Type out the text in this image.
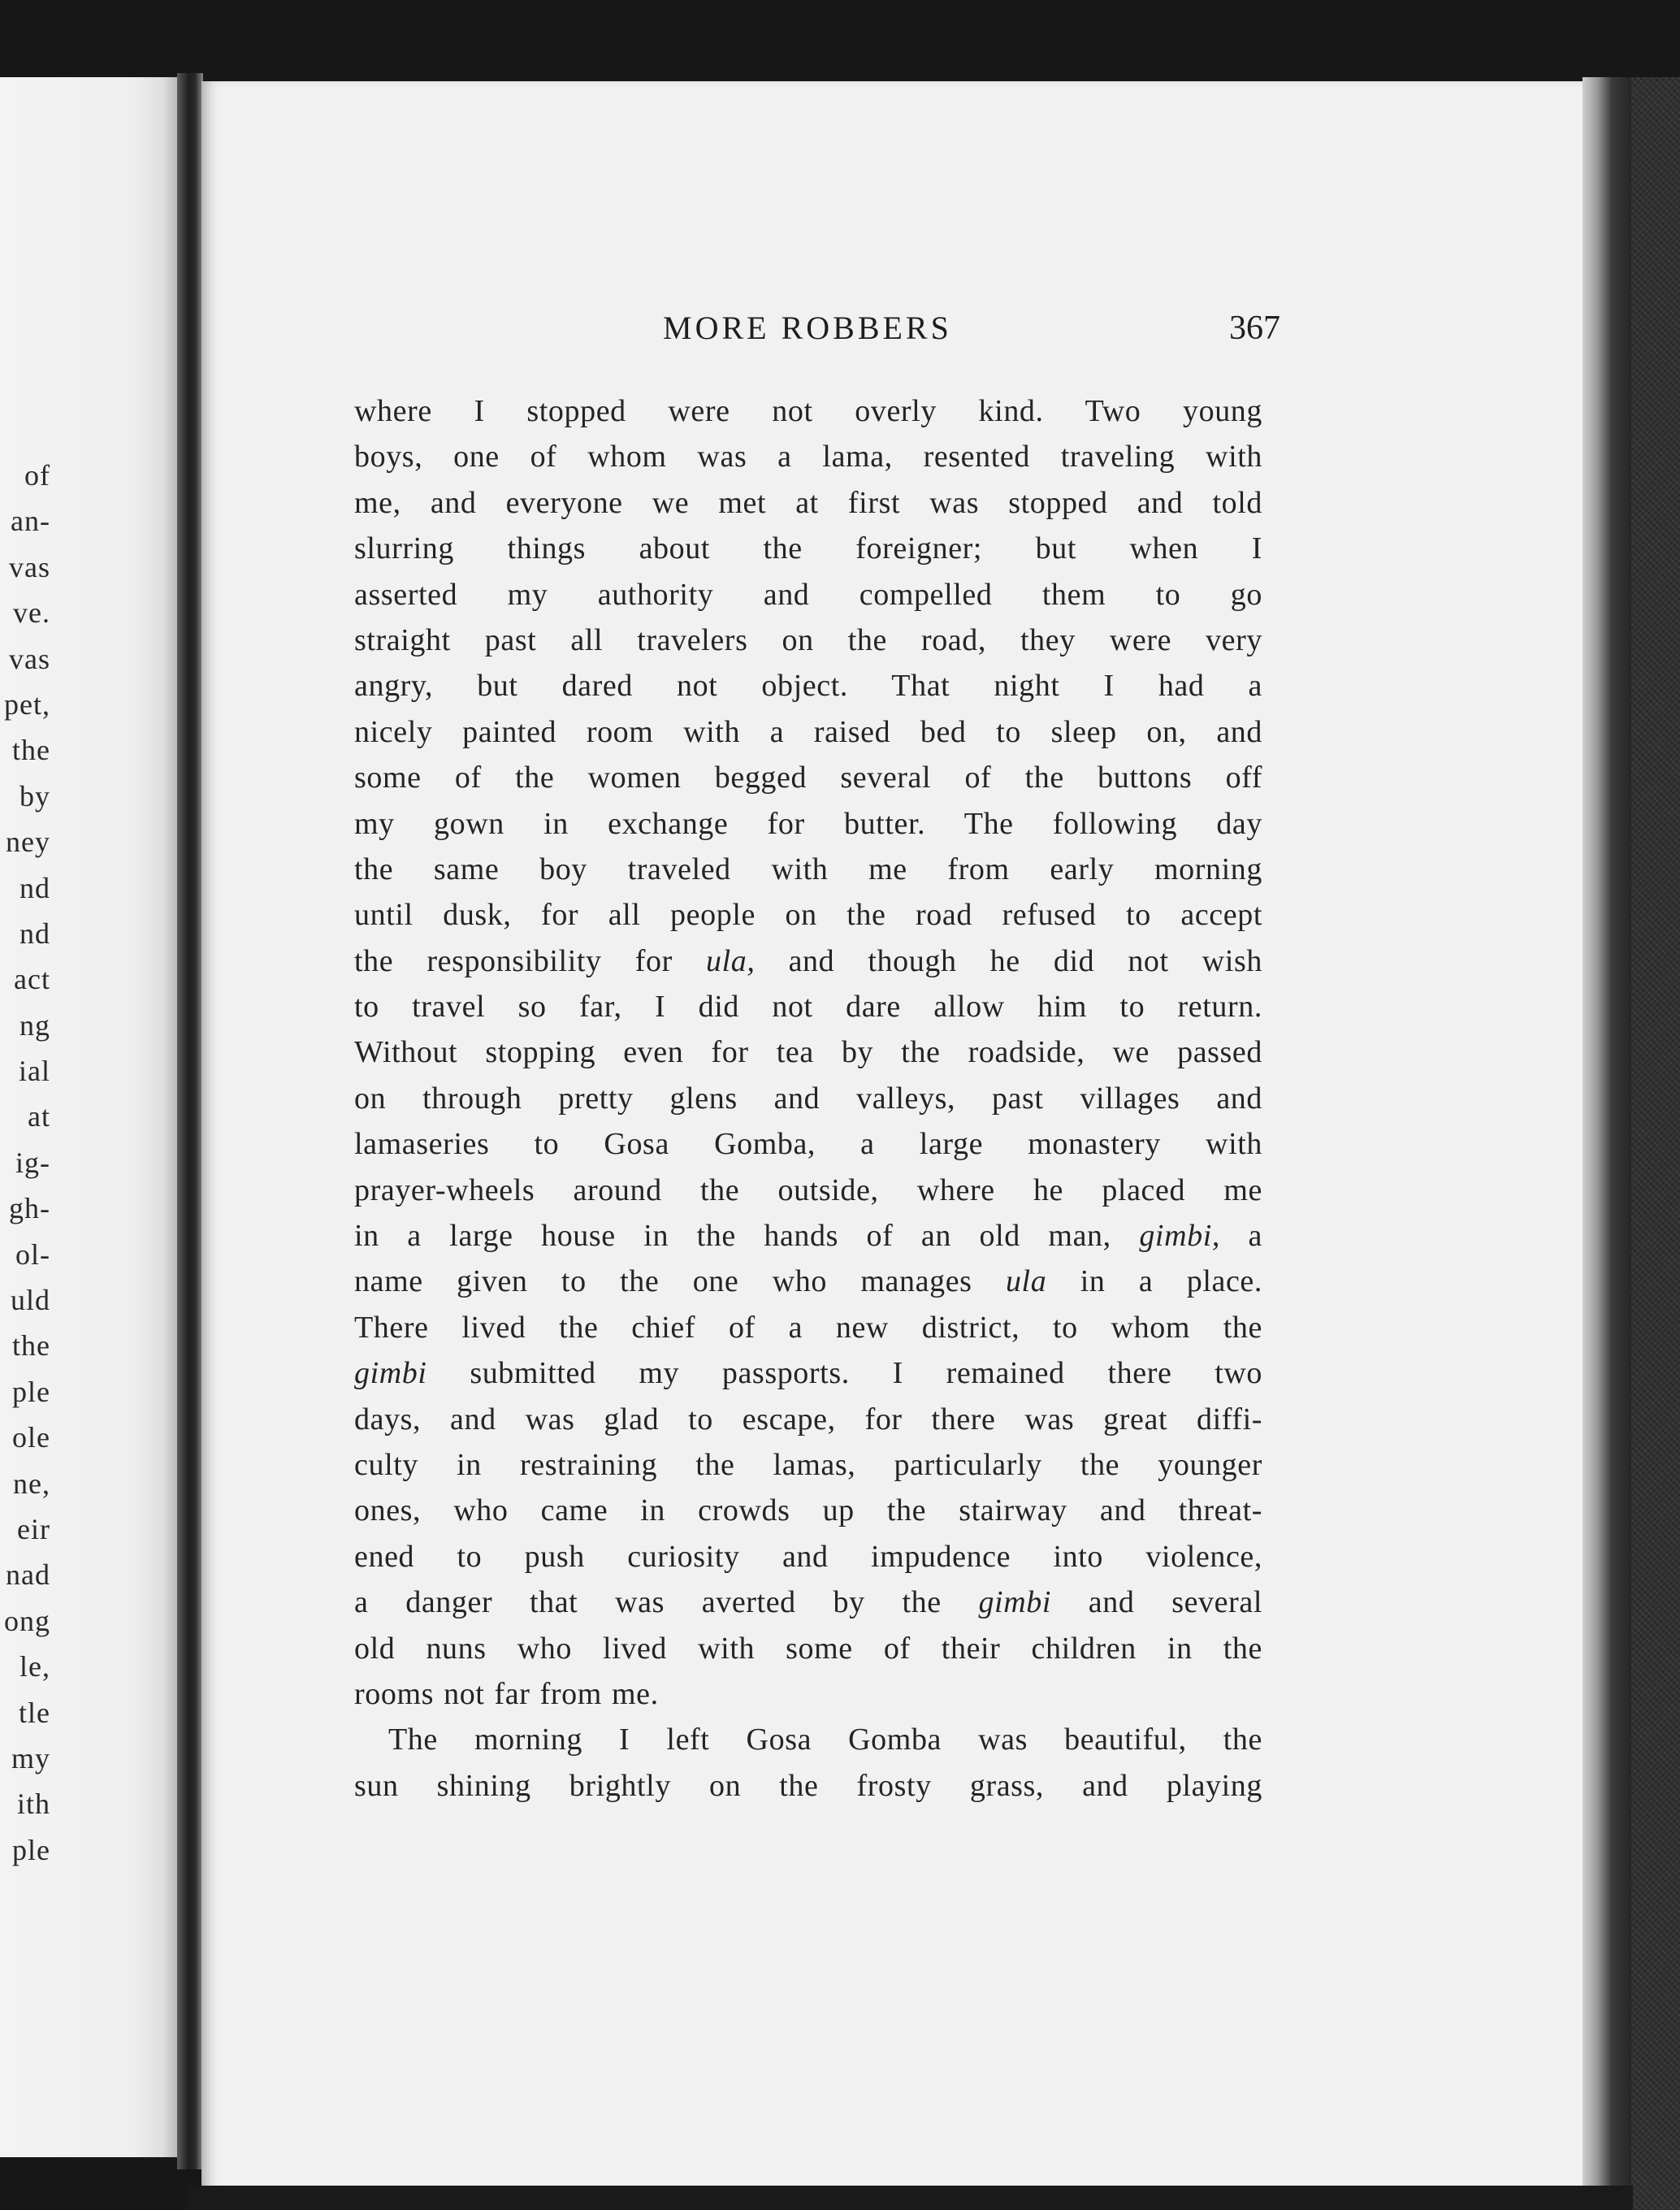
of
an-
vas
ve.
vas
pet,
the
by
ney
nd
nd
act
ng
ial
at
ig-
gh-
ol-
uld
the
ple
ole
ne,
eir
nad
ong
le,
tle
my
ith
ple
MORE ROBBERS	367
where I stopped were not overly kind. Two young
boys, one of whom was a lama, resented traveling with
me, and everyone we met at first was stopped and told
slurring things about the foreigner; but when I
asserted my authority and compelled them to go
straight past all travelers on the road, they were very
angry, but dared not object. That night I had a
nicely painted room with a raised bed to sleep on, and
some of the women begged several of the buttons off
my gown in exchange for butter. The following day
the same boy traveled with me from early morning
until dusk, for all people on the road refused to accept
the responsibility for ula, and though he did not wish
to travel so far, I did not dare allow him to return.
Without stopping even for tea by the roadside, we passed
on through pretty glens and valleys, past villages and
lamaseries to Gosa Gomba, a large monastery with
prayer-wheels around the outside, where he placed me
in a large house in the hands of an old man, gimbi, a
name given to the one who manages ula in a place.
There lived the chief of a new district, to whom the
gimbi submitted my passports. I remained there two
days, and was glad to escape, for there was great diffi-
culty in restraining the lamas, particularly the younger
ones, who came in crowds up the stairway and threat-
ened to push curiosity and impudence into violence,
a danger that was averted by the gimbi and several
old nuns who lived with some of their children in the
rooms not far from me.
The morning I left Gosa Gomba was beautiful, the
sun shining brightly on the frosty grass, and playing
